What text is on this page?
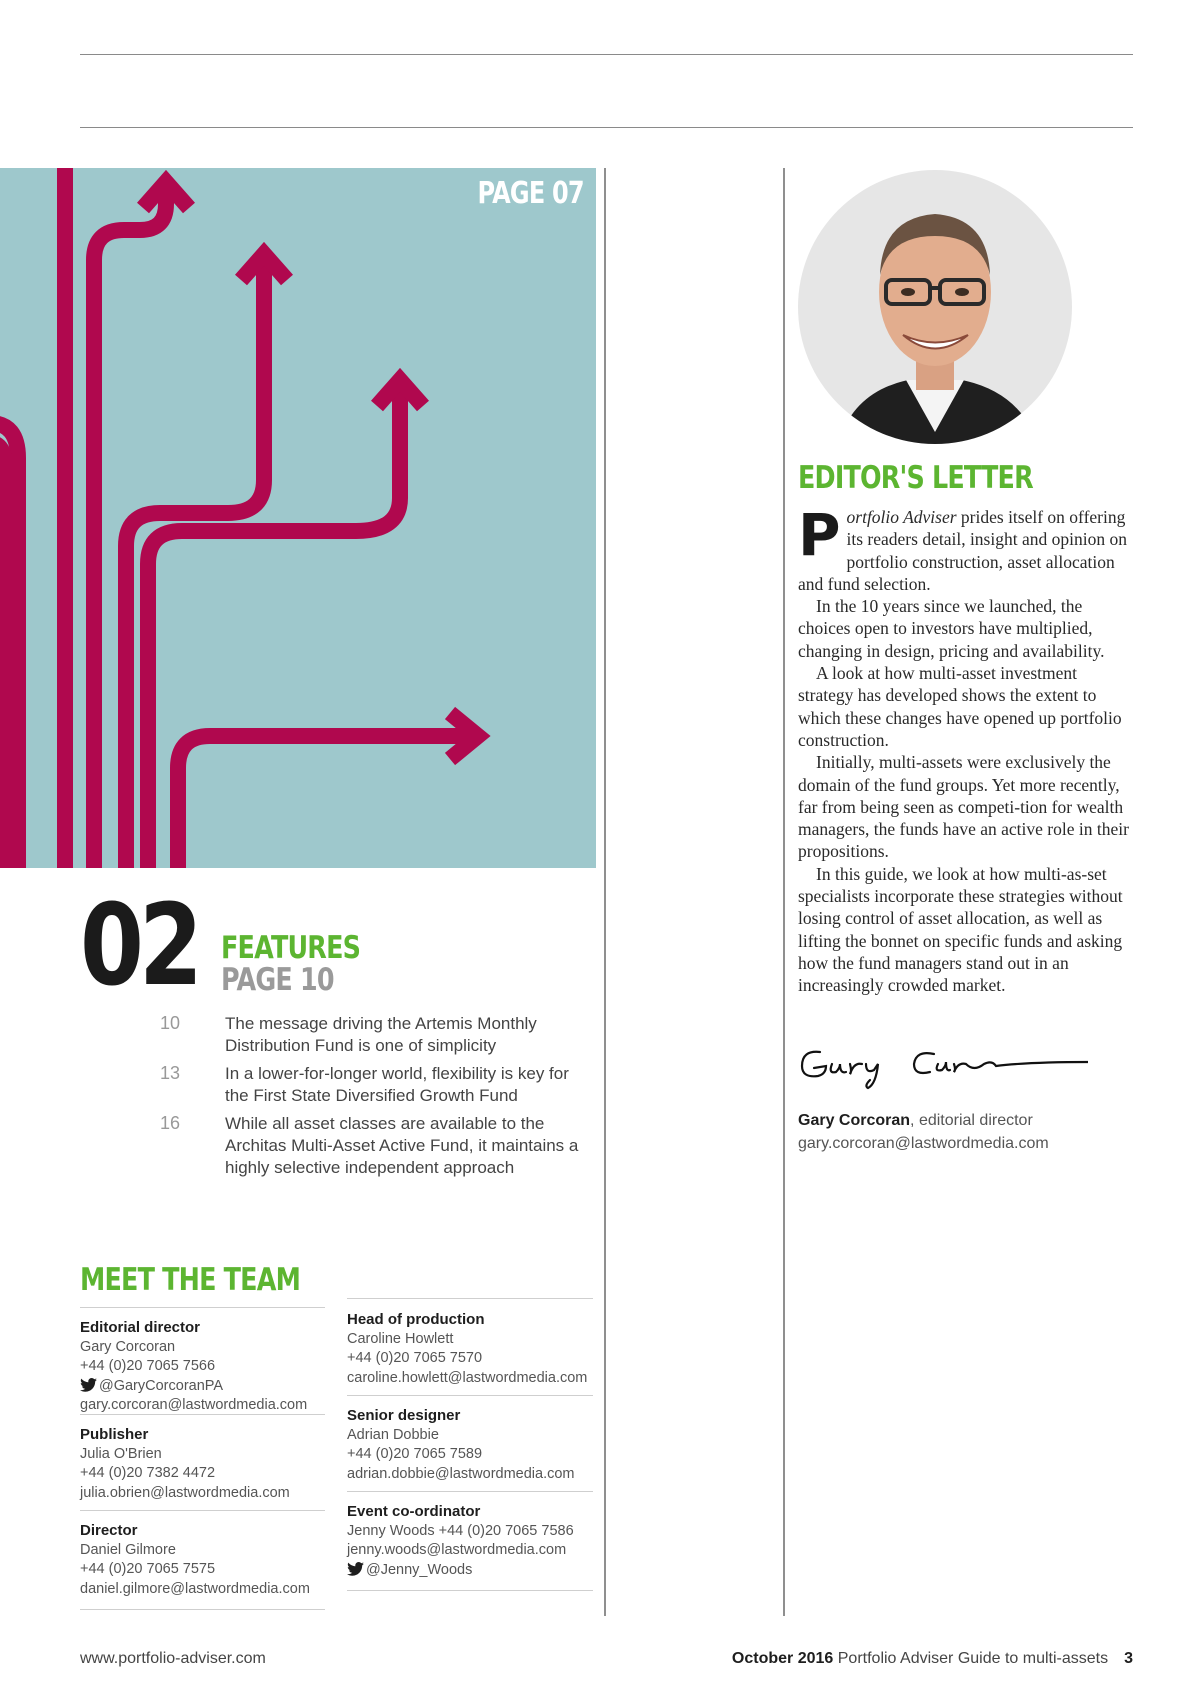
PAGE 07
02 FEATURES
PAGE 10
10	The message driving the Artemis Monthly Distribution Fund is one of simplicity
13	In a lower-for-longer world, flexibility is key for the First State Diversified Growth Fund
16	While all asset classes are available to the Architas Multi-Asset Active Fund, it maintains a highly selective independent approach
MEET THE TEAM
Editorial director
Gary Corcoran
+44 (0)20 7065 7566
@GaryCorcoranPA
gary.corcoran@lastwordmedia.com
Publisher
Julia O'Brien
+44 (0)20 7382 4472
julia.obrien@lastwordmedia.com
Director
Daniel Gilmore
+44 (0)20 7065 7575
daniel.gilmore@lastwordmedia.com
Head of production
Caroline Howlett
+44 (0)20 7065 7570
caroline.howlett@lastwordmedia.com
Senior designer
Adrian Dobbie
+44 (0)20 7065 7589
adrian.dobbie@lastwordmedia.com
Event co-ordinator
Jenny Woods +44 (0)20 7065 7586
jenny.woods@lastwordmedia.com
@Jenny_Woods
EDITOR'S LETTER

Portfolio Adviser prides itself on offering its readers detail, insight and opinion on portfolio construction, asset allocation and fund selection.

In the 10 years since we launched, the choices open to investors have multiplied, changing in design, pricing and availability.

A look at how multi-asset investment strategy has developed shows the extent to which these changes have opened up portfolio construction.

Initially, multi-assets were exclusively the domain of the fund groups. Yet more recently, far from being seen as competi-tion for wealth managers, the funds have an active role in their propositions.

In this guide, we look at how multi-as-set specialists incorporate these strategies without losing control of asset allocation, as well as lifting the bonnet on specific funds and asking how the fund managers stand out in an increasingly crowded market.

Gary Corcoran, editorial director
gary.corcoran@lastwordmedia.com
www.portfolio-adviser.com	October 2016 Portfolio Adviser Guide to multi-assets 3
